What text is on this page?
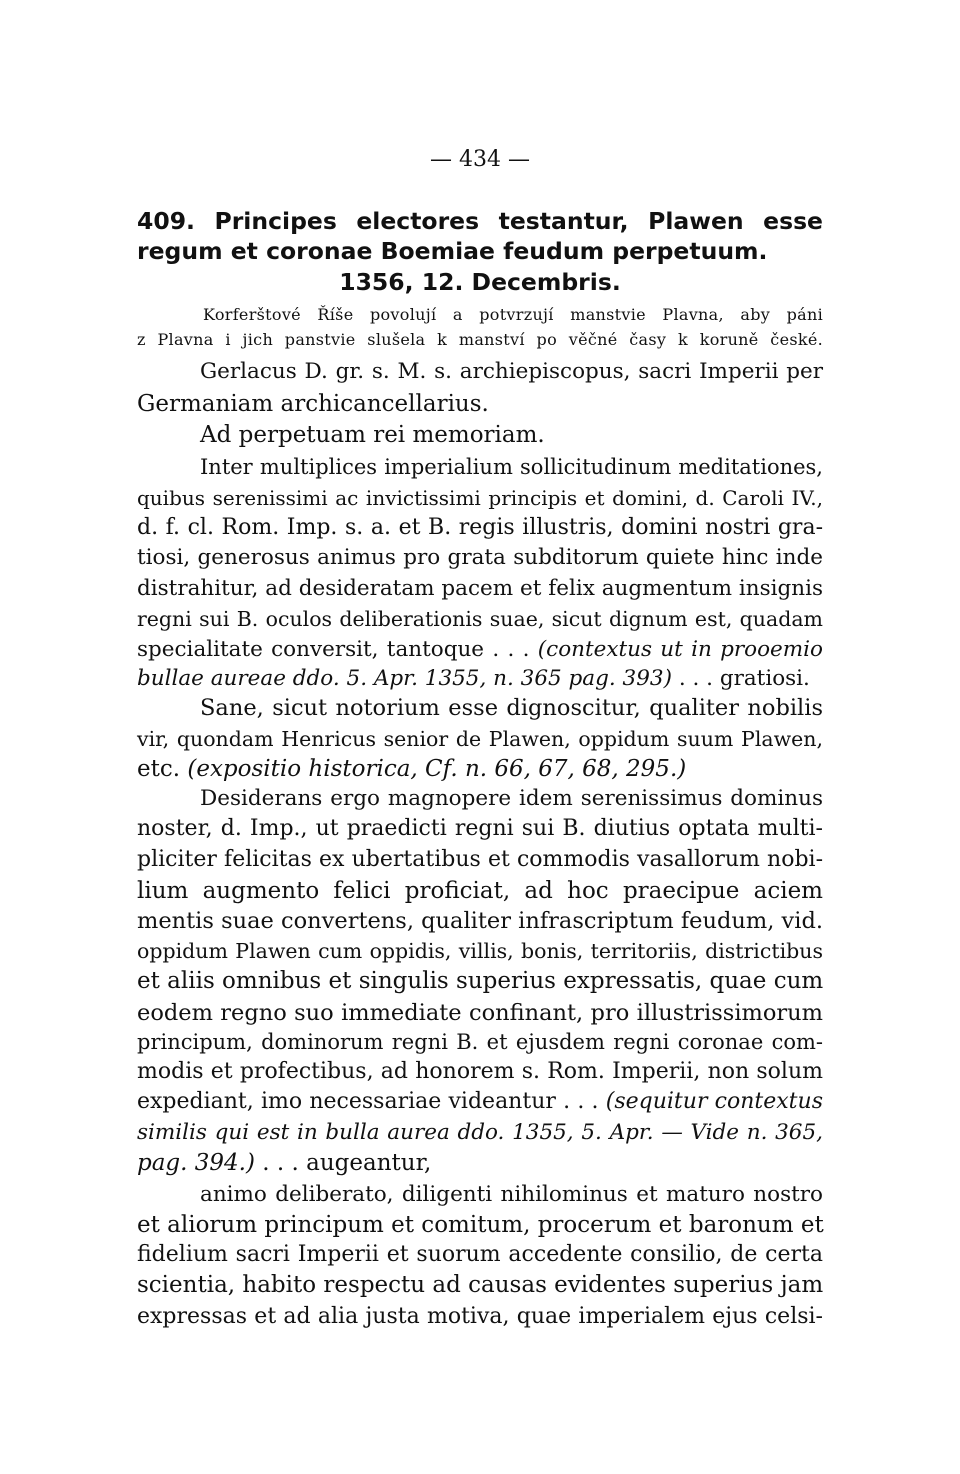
— 434 —
409. Principes electores testantur, Plawen esse
regum et coronae Boemiae feudum perpetuum.
1356, 12. Decembris.
Korferštové Říše povolují a potvrzují manstvie Plavna, aby páni
z Plavna i jich panstvie slušela k manství po věčné časy k koruně české.
Gerlacus D. gr. s. M. s. archiepiscopus, sacri Imperii per
Germaniam archicancellarius.
Ad perpetuam rei memoriam.
Inter multiplices imperialium sollicitudinum meditationes,
quibus serenissimi ac invictissimi principis et domini, d. Caroli IV.,
d. f. cl. Rom. Imp. s. a. et B. regis illustris, domini nostri gra-
tiosi, generosus animus pro grata subditorum quiete hinc inde
distrahitur, ad desideratam pacem et felix augmentum insignis
regni sui B. oculos deliberationis suae, sicut dignum est, quadam
specialitate conversit, tantoque . . . (contextus ut in prooemio
bullae aureae ddo. 5. Apr. 1355, n. 365 pag. 393) . . . gratiosi.
Sane, sicut notorium esse dignoscitur, qualiter nobilis
vir, quondam Henricus senior de Plawen, oppidum suum Plawen,
etc. (expositio historica, Cf. n. 66, 67, 68, 295.)
Desiderans ergo magnopere idem serenissimus dominus
noster, d. Imp., ut praedicti regni sui B. diutius optata multi-
pliciter felicitas ex ubertatibus et commodis vasallorum nobi-
lium augmento felici proficiat, ad hoc praecipue aciem
mentis suae convertens, qualiter infrascriptum feudum, vid.
oppidum Plawen cum oppidis, villis, bonis, territoriis, districtibus
et aliis omnibus et singulis superius expressatis, quae cum
eodem regno suo immediate confinant, pro illustrissimorum
principum, dominorum regni B. et ejusdem regni coronae com-
modis et profectibus, ad honorem s. Rom. Imperii, non solum
expediant, imo necessariae videantur . . . (sequitur contextus
similis qui est in bulla aurea ddo. 1355, 5. Apr. — Vide n. 365,
pag. 394.) . . . augeantur,
animo deliberato, diligenti nihilominus et maturo nostro
et aliorum principum et comitum, procerum et baronum et
fidelium sacri Imperii et suorum accedente consilio, de certa
scientia, habito respectu ad causas evidentes superius jam
expressas et ad alia justa motiva, quae imperialem ejus celsi-
